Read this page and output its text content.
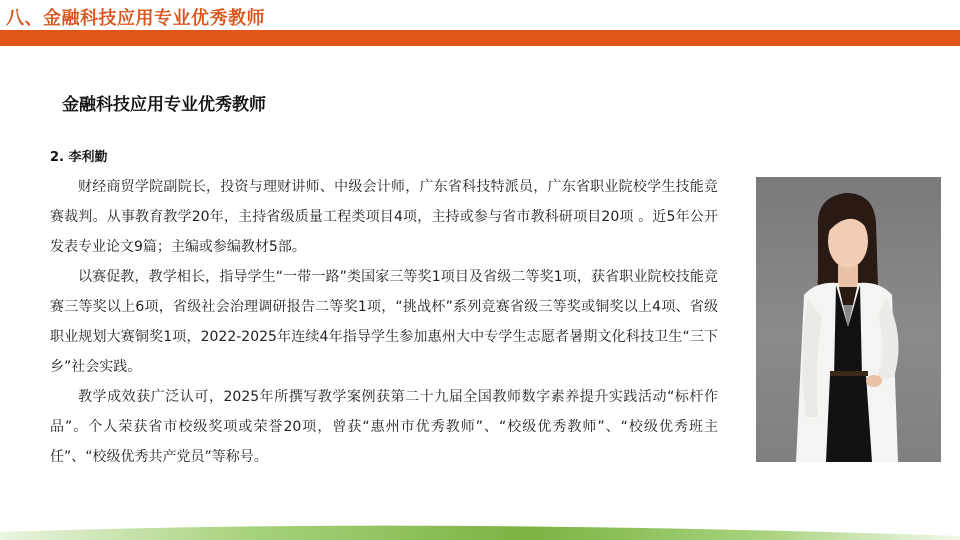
八、金融科技应用专业优秀教师
金融科技应用专业优秀教师
2. 李利勤

财经商贸学院副院长，投资与理财讲师、中级会计师，广东省科技特派员，广东省职业院校学生技能竞赛裁判。从事教育教学20年，主持省级质量工程类项目4项，主持或参与省市教科研项目20项 。近5年公开发表专业论文9篇；主编或参编教材5部。

以赛促教，教学相长，指导学生“一带一路”类国家三等奖1项目及省级二等奖1项，获省职业院校技能竞赛三等奖以上6项，省级社会治理调研报告二等奖1项，“挑战杯”系列竞赛省级三等奖或铜奖以上4项、省级职业规划大赛铜奖1项，2022-2025年连续4年指导学生参加惠州大中专学生志愿者暑期文化科技卫生“三下乡”社会实践。

教学成效获广泛认可，2025年所撰写教学案例获第二十九届全国教师数字素养提升实践活动“标杆作品”。个人荣获省市校级奖项或荣誉20项，曾获“惠州市优秀教师”、“校级优秀教师”、“校级优秀班主任”、“校级优秀共产党员”等称号。
